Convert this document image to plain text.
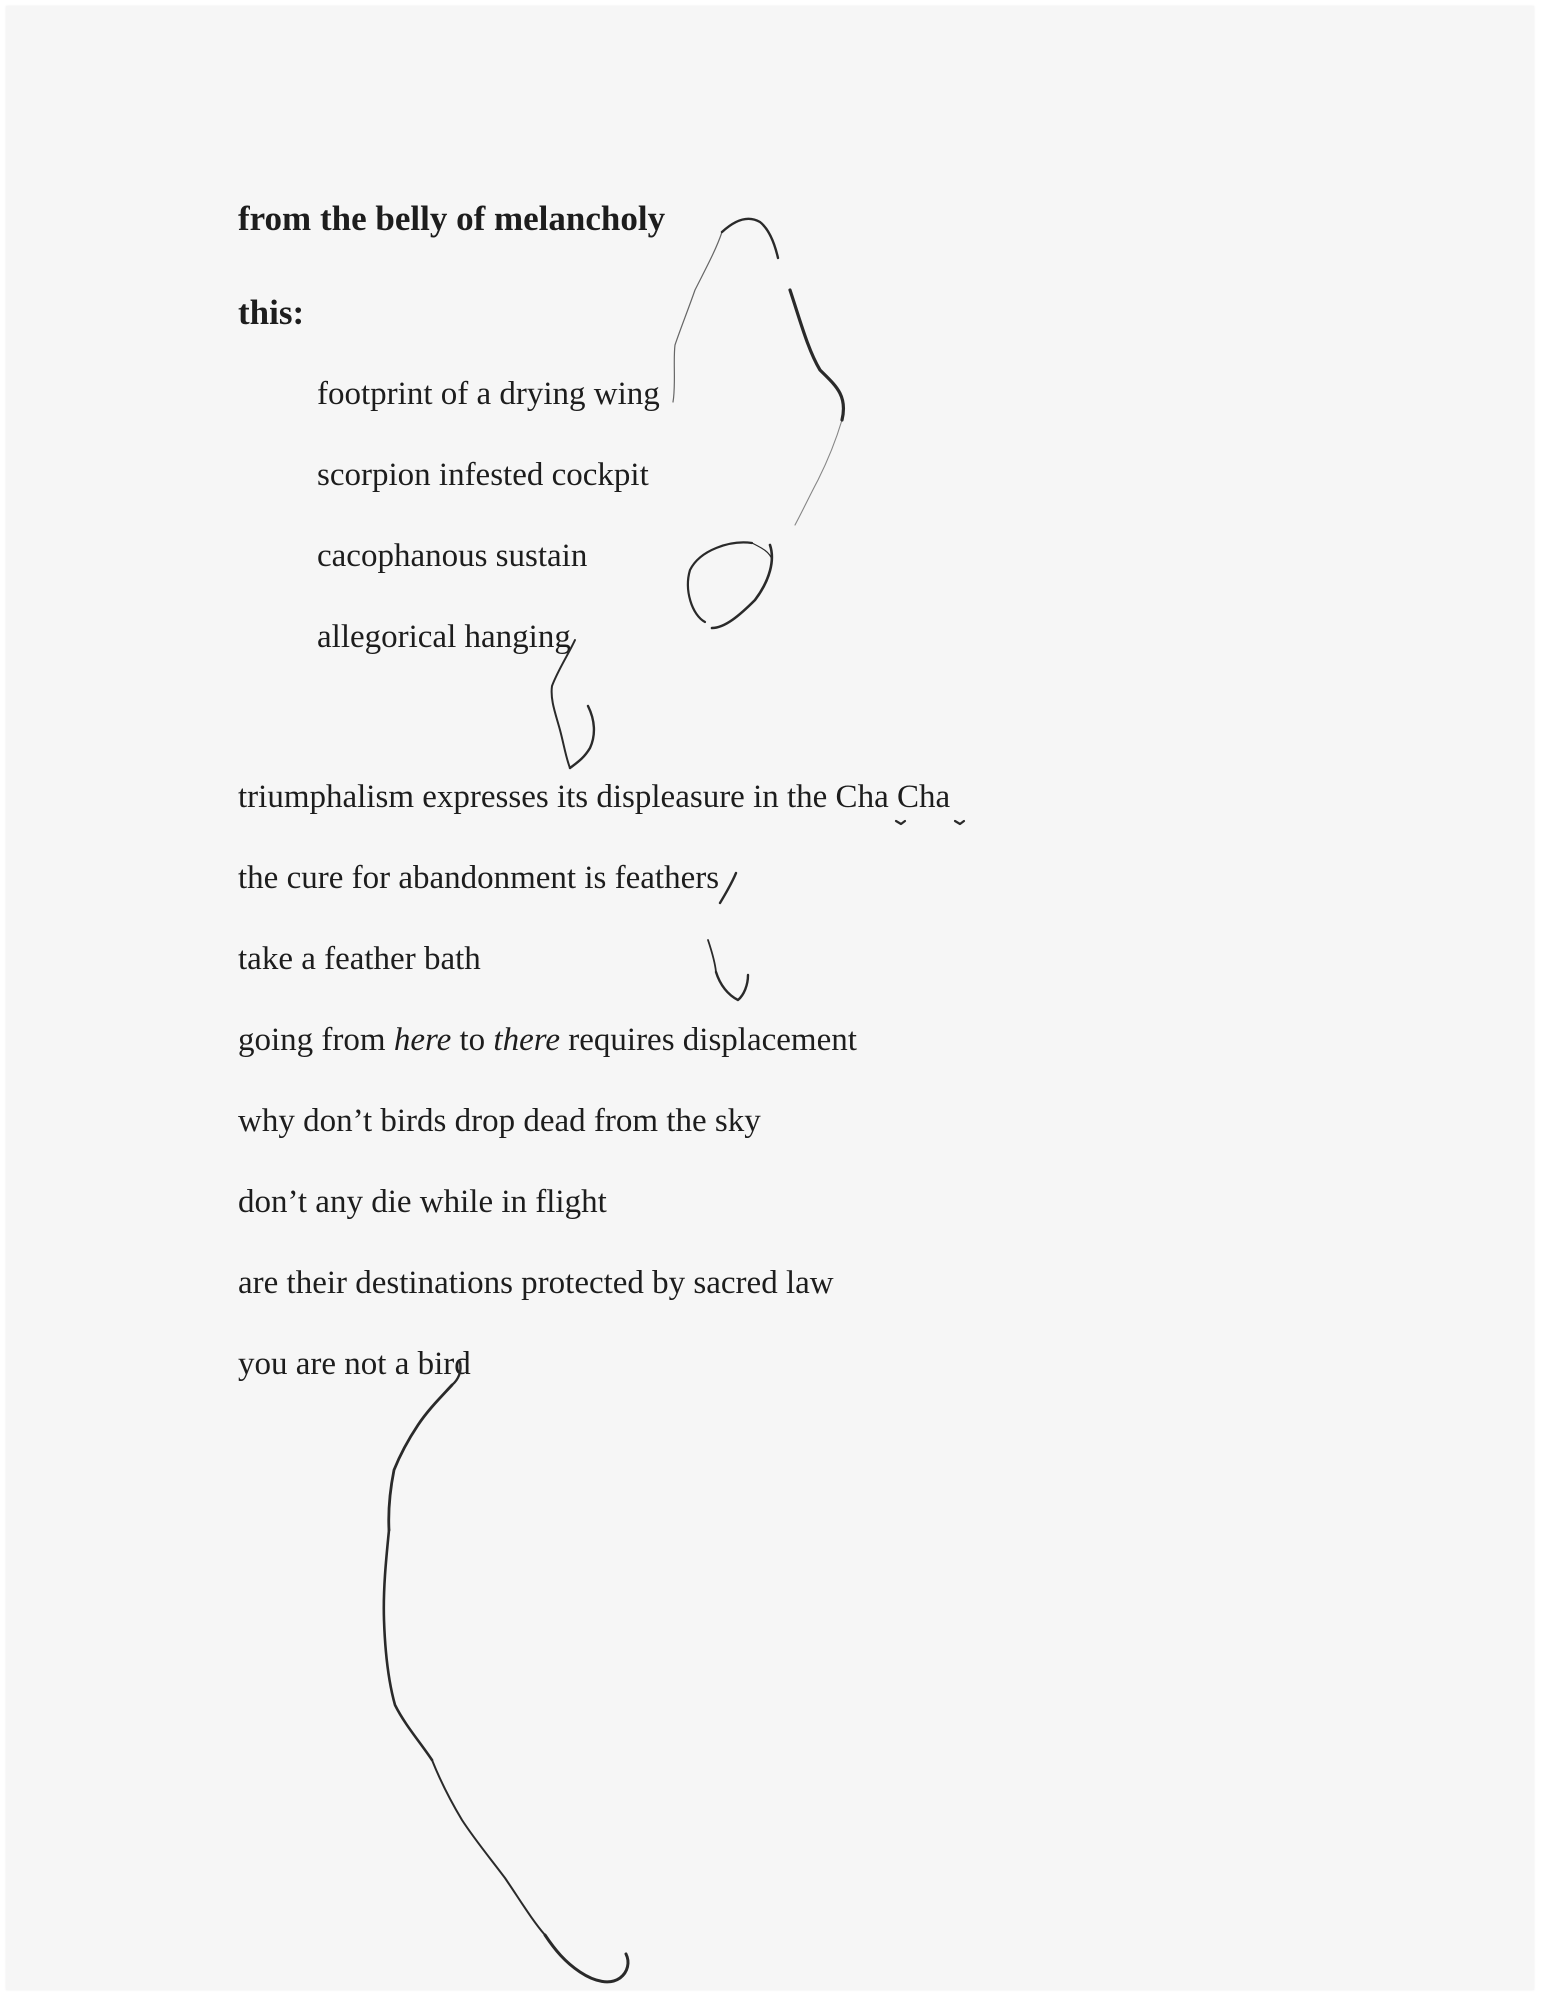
from the belly of melancholy
this:
footprint of a drying wing
scorpion infested cockpit
cacophanous sustain
allegorical hanging
triumphalism expresses its displeasure in the Cha Cha
the cure for abandonment is feathers
take a feather bath
going from here to there requires displacement
why don’t birds drop dead from the sky
don’t any die while in flight
are their destinations protected by sacred law
you are not a bird
